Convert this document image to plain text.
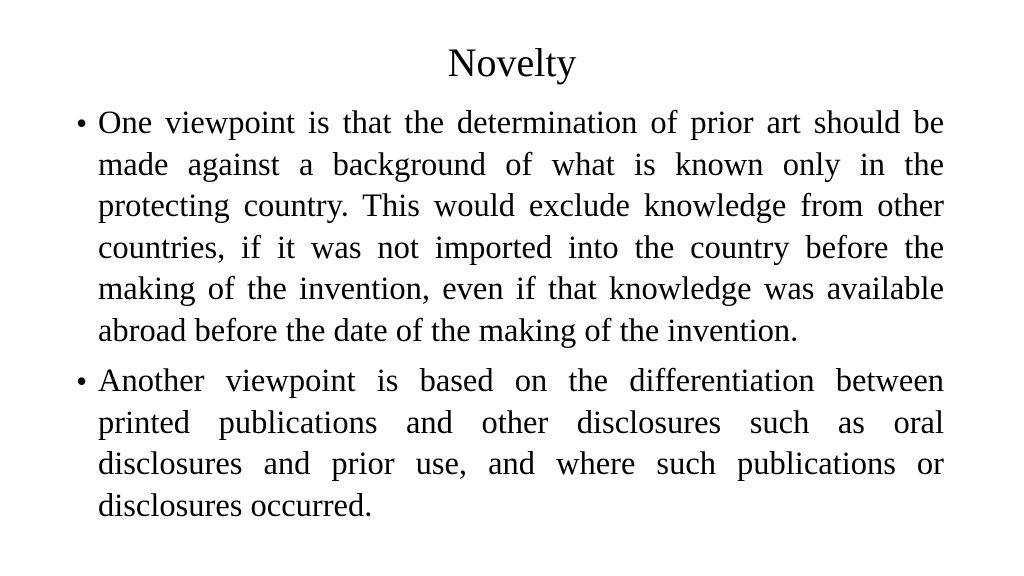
Novelty
• One viewpoint is that the determination of prior art should be made against a background of what is known only in the protecting country. This would exclude knowledge from other countries, if it was not imported into the country before the making of the invention, even if that knowledge was available abroad before the date of the making of the invention.
• Another viewpoint is based on the differentiation between printed publications and other disclosures such as oral disclosures and prior use, and where such publications or disclosures occurred.
